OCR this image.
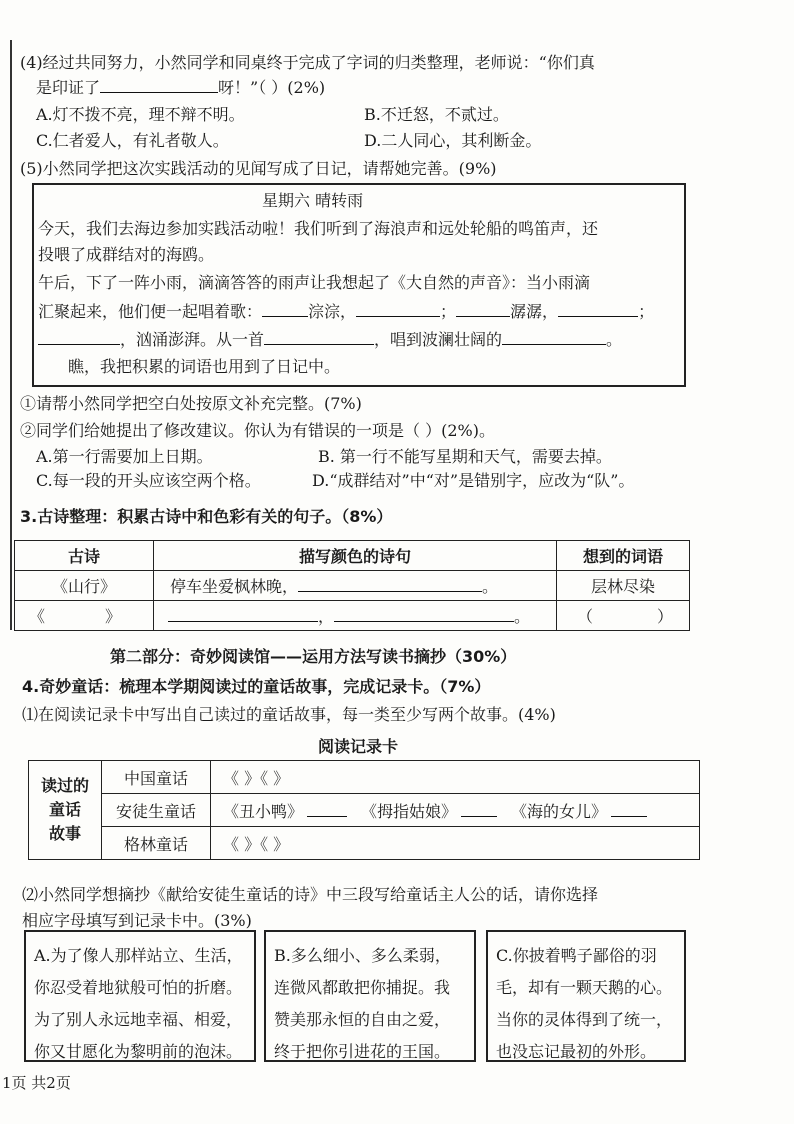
(4)经过共同努力，小然同学和同桌终于完成了字词的归类整理，老师说：“你们真
是印证了	呀！”（ ）(2%)
A.灯不拨不亮，理不辩不明。	B.不迁怒，不贰过。
C.仁者爱人，有礼者敬人。	D.二人同心，其利断金。
(5)小然同学把这次实践活动的见闻写成了日记，请帮她完善。(9%)
星期六 晴转雨
今天，我们去海边参加实践活动啦！我们听到了海浪声和远处轮船的鸣笛声，还
投喂了成群结对的海鸥。
午后，下了一阵小雨，滴滴答答的雨声让我想起了《大自然的声音》：当小雨滴
汇聚起来，他们便一起唱着歌：	淙淙，	；	潺潺，	；
，汹涌澎湃。从一首	，唱到波澜壮阔的	。
瞧，我把积累的词语也用到了日记中。
①请帮小然同学把空白处按原文补充完整。(7%)
②同学们给她提出了修改建议。你认为有错误的一项是（ ）(2%)。
A.第一行需要加上日期。	B. 第一行不能写星期和天气，需要去掉。
C.每一段的开头应该空两个格。	D.“成群结对”中“对”是错别字，应改为“队”。
3.古诗整理：积累古诗中和色彩有关的句子。（8%）
古诗	描写颜色的诗句	想到的词语
《山行》	停车坐爱枫林晚， 。	层林尽染
《 》	， 。	（ ）
第二部分：奇妙阅读馆——运用方法写读书摘抄（30%）
4.奇妙童话：梳理本学期阅读过的童话故事，完成记录卡。（7%）
⑴在阅读记录卡中写出自己读过的童话故事，每一类至少写两个故事。(4%)
阅读记录卡
读过的
童话
故事	中国童话	《 》《 》
	安徒生童话	《丑小鸭》 《拇指姑娘》 《海的女儿》
	格林童话	《 》《 》
⑵小然同学想摘抄《献给安徒生童话的诗》中三段写给童话主人公的话，请你选择
相应字母填写到记录卡中。(3%)
A.为了像人那样站立、生活，
你忍受着地狱般可怕的折磨。
为了别人永远地幸福、相爱，
你又甘愿化为黎明前的泡沫。
B.多么细小、多么柔弱，
连微风都敢把你捕捉。我
赞美那永恒的自由之爱，
终于把你引进花的王国。
C.你披着鸭子鄙俗的羽
毛，却有一颗天鹅的心。
当你的灵体得到了统一，
也没忘记最初的外形。
1页 共2页
